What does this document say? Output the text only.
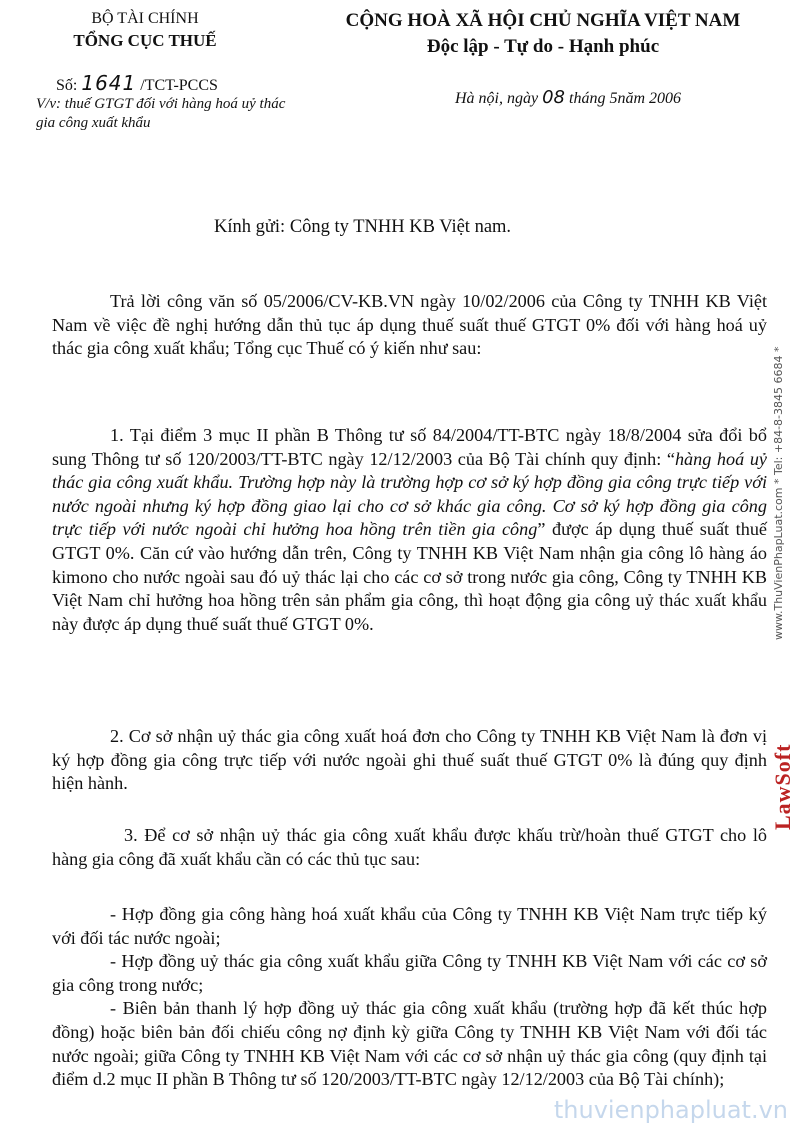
BỘ TÀI CHÍNH
TỔNG CỤC THUẾ
CỘNG HOÀ XÃ HỘI CHỦ NGHĨA VIỆT NAM
Độc lập - Tự do - Hạnh phúc
Số: 1641 /TCT-PCCS
V/v: thuế GTGT đối với hàng hoá uỷ thác gia công xuất khẩu
Hà nội, ngày 08 tháng 5năm 2006
Kính gửi: Công ty TNHH KB Việt nam.

Trả lời công văn số 05/2006/CV-KB.VN ngày 10/02/2006 của Công ty TNHH KB Việt Nam về việc đề nghị hướng dẫn thủ tục áp dụng thuế suất thuế GTGT 0% đối với hàng hoá uỷ thác gia công xuất khẩu; Tổng cục Thuế có ý kiến như sau:

1. Tại điểm 3 mục II phần B Thông tư số 84/2004/TT-BTC ngày 18/8/2004 sửa đổi bổ sung Thông tư số 120/2003/TT-BTC ngày 12/12/2003 của Bộ Tài chính quy định: “hàng hoá uỷ thác gia công xuất khẩu. Trường hợp này là trường hợp cơ sở ký hợp đồng gia công trực tiếp với nước ngoài nhưng ký hợp đồng giao lại cho cơ sở khác gia công. Cơ sở ký hợp đồng gia công trực tiếp với nước ngoài chỉ hưởng hoa hồng trên tiền gia công” được áp dụng thuế suất thuế GTGT 0%. Căn cứ vào hướng dẫn trên, Công ty TNHH KB Việt Nam nhận gia công lô hàng áo kimono cho nước ngoài sau đó uỷ thác lại cho các cơ sở trong nước gia công, Công ty TNHH KB Việt Nam chỉ hưởng hoa hồng trên sản phẩm gia công, thì hoạt động gia công uỷ thác xuất khẩu này được áp dụng thuế suất thuế GTGT 0%.

2. Cơ sở nhận uỷ thác gia công xuất hoá đơn cho Công ty TNHH KB Việt Nam là đơn vị ký hợp đồng gia công trực tiếp với nước ngoài ghi thuế suất thuế GTGT 0% là đúng quy định hiện hành.

3. Để cơ sở nhận uỷ thác gia công xuất khẩu được khấu trừ/hoàn thuế GTGT cho lô hàng gia công đã xuất khẩu cần có các thủ tục sau:

- Hợp đồng gia công hàng hoá xuất khẩu của Công ty TNHH KB Việt Nam trực tiếp ký với đối tác nước ngoài;

- Hợp đồng uỷ thác gia công xuất khẩu giữa Công ty TNHH KB Việt Nam với các cơ sở gia công trong nước;

- Biên bản thanh lý hợp đồng uỷ thác gia công xuất khẩu (trường hợp đã kết thúc hợp đồng) hoặc biên bản đối chiếu công nợ định kỳ giữa Công ty TNHH KB Việt Nam với đối tác nước ngoài; giữa Công ty TNHH KB Việt Nam với các cơ sở nhận uỷ thác gia công (quy định tại điểm d.2 mục II phần B Thông tư số 120/2003/TT-BTC ngày 12/12/2003 của Bộ Tài chính);

www.ThuVienPhapLuat.com * Tel: +84-8-3845 6684 *
LawSoft
thuvienphapluat.vn
